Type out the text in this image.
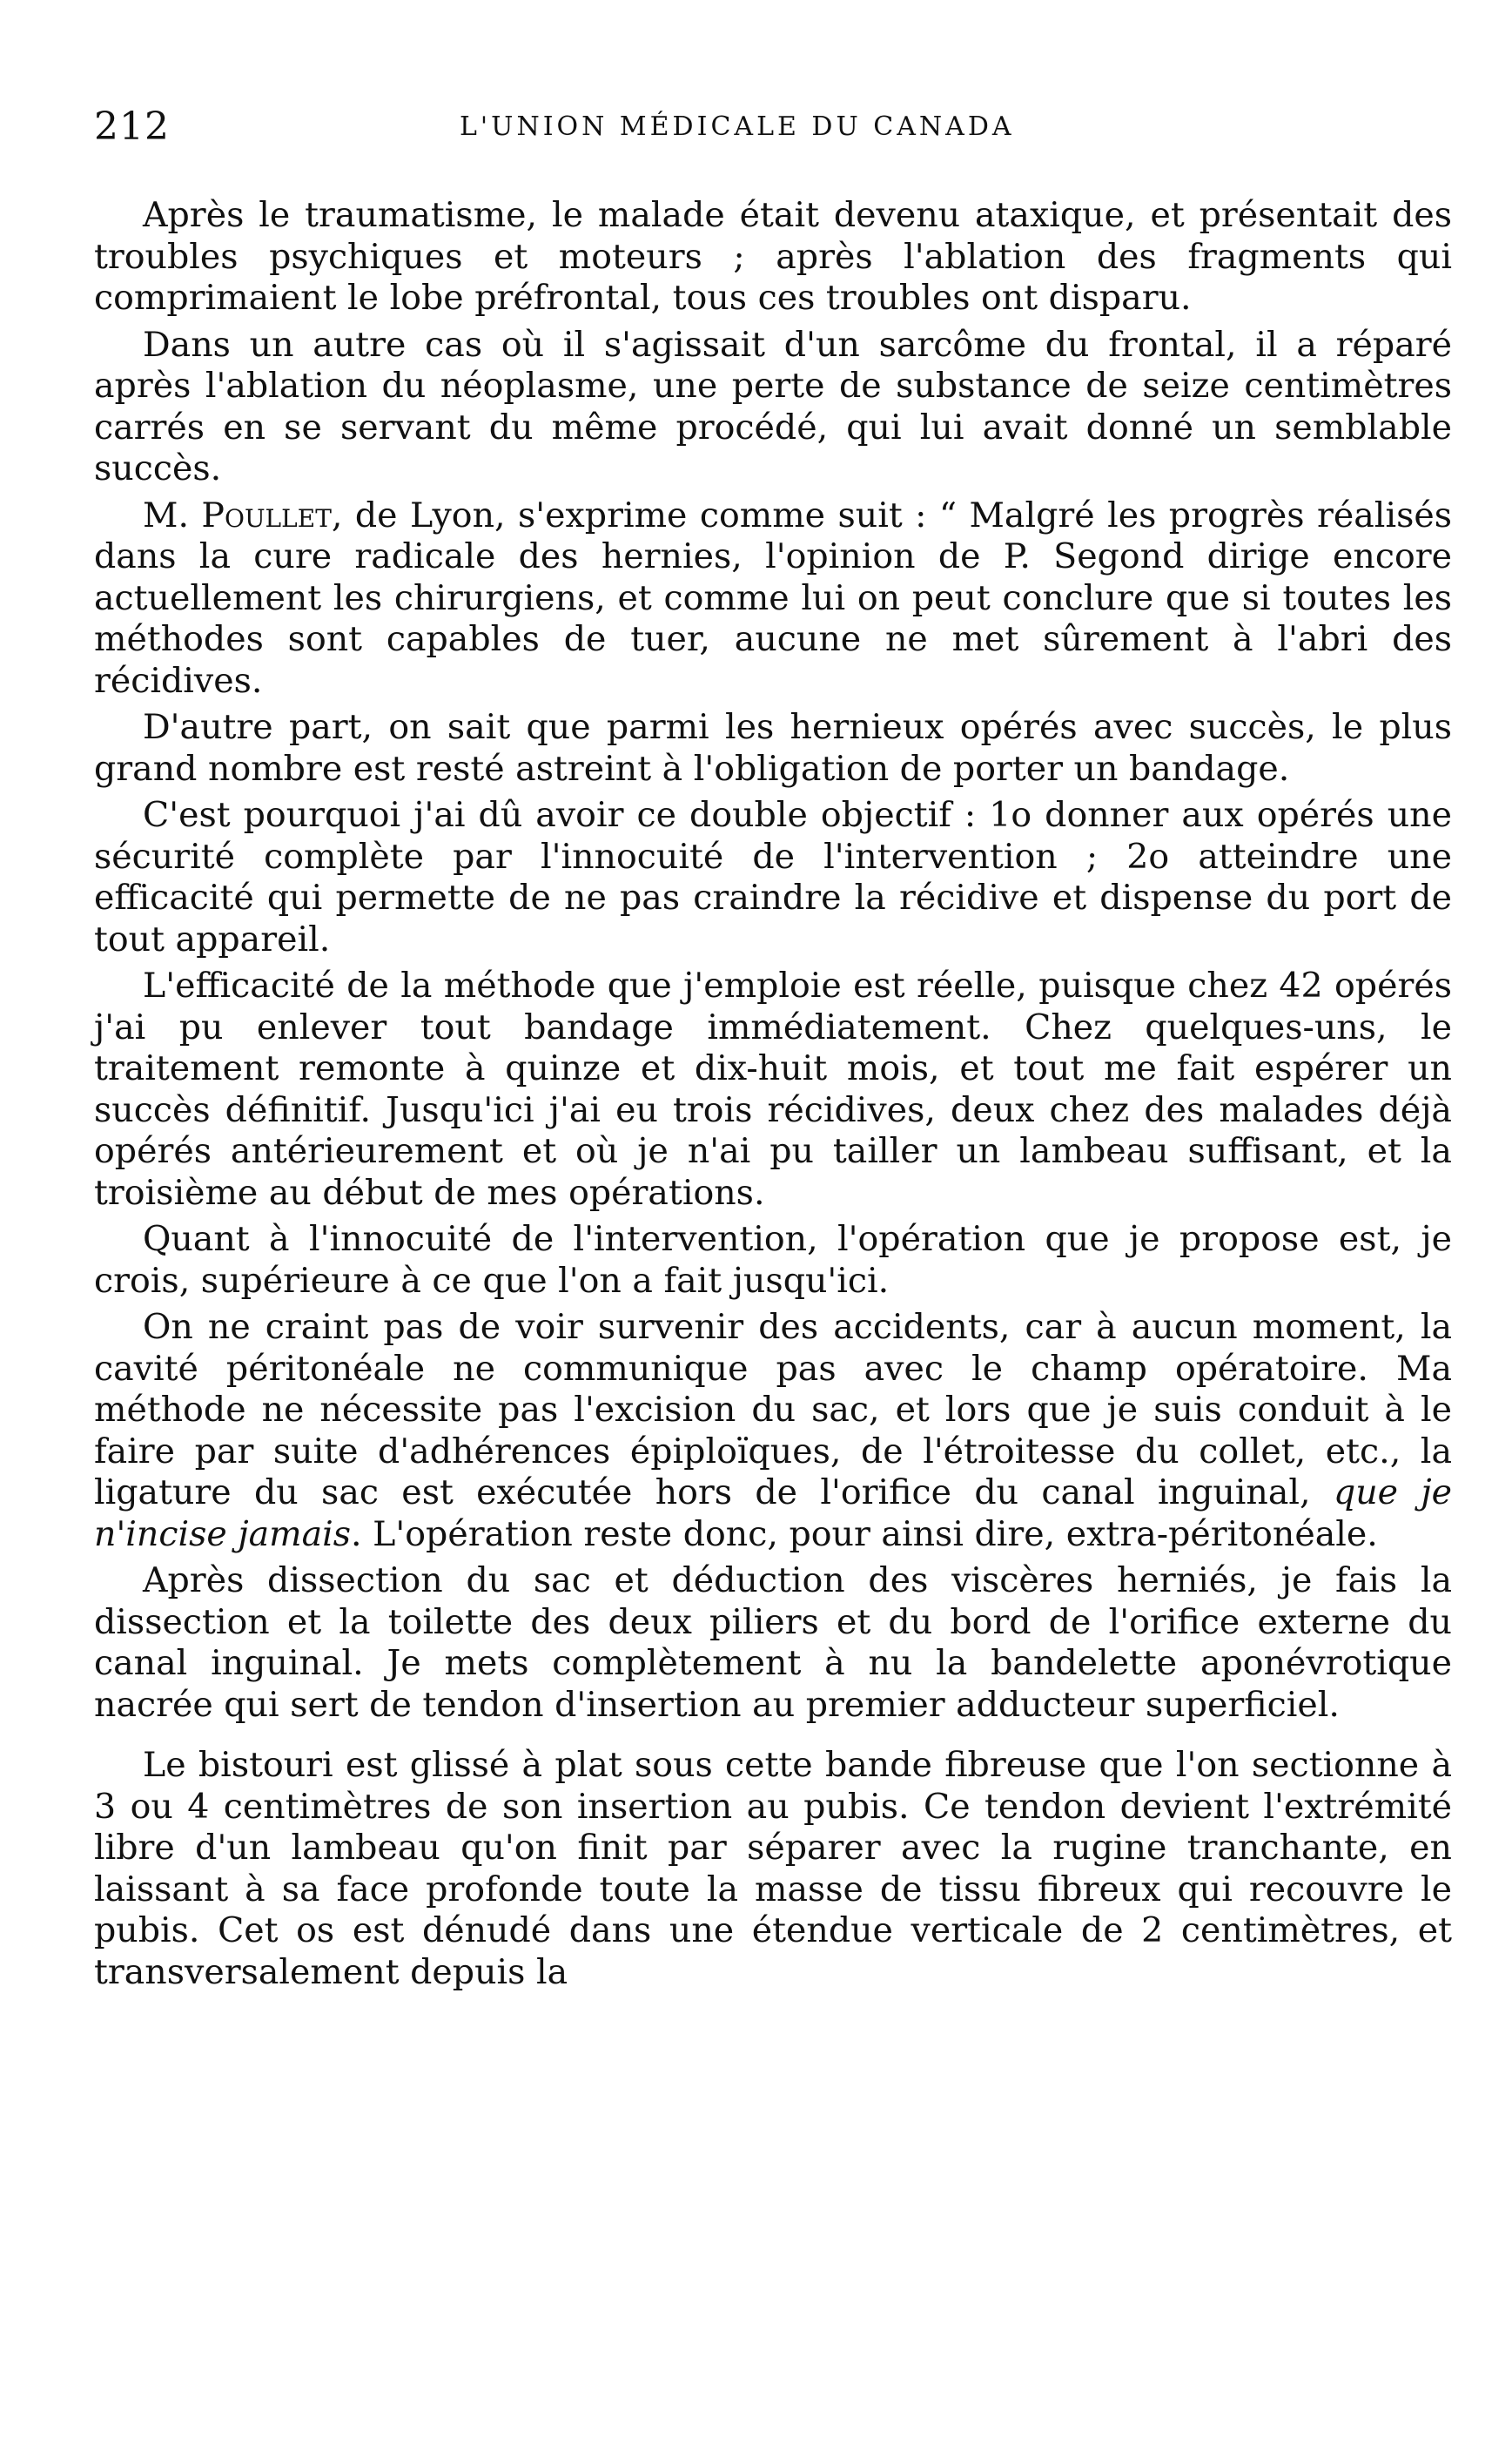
212	L'UNION MÉDICALE DU CANADA

Après le traumatisme, le malade était devenu ataxique, et présentait des troubles psychiques et moteurs ; après l'ablation des fragments qui comprimaient le lobe préfrontal, tous ces troubles ont disparu.

Dans un autre cas où il s'agissait d'un sarcôme du frontal, il a réparé après l'ablation du néoplasme, une perte de substance de seize centimètres carrés en se servant du même procédé, qui lui avait donné un semblable succès.

M. Poullet, de Lyon, s'exprime comme suit : “ Malgré les progrès réalisés dans la cure radicale des hernies, l'opinion de P. Segond dirige encore actuellement les chirurgiens, et comme lui on peut conclure que si toutes les méthodes sont capables de tuer, aucune ne met sûrement à l'abri des récidives.

D'autre part, on sait que parmi les hernieux opérés avec succès, le plus grand nombre est resté astreint à l'obligation de porter un bandage.

C'est pourquoi j'ai dû avoir ce double objectif : 1o donner aux opérés une sécurité complète par l'innocuité de l'intervention ; 2o atteindre une efficacité qui permette de ne pas craindre la récidive et dispense du port de tout appareil.

L'efficacité de la méthode que j'emploie est réelle, puisque chez 42 opérés j'ai pu enlever tout bandage immédiatement. Chez quelques-uns, le traitement remonte à quinze et dix-huit mois, et tout me fait espérer un succès définitif. Jusqu'ici j'ai eu trois récidives, deux chez des malades déjà opérés antérieurement et où je n'ai pu tailler un lambeau suffisant, et la troisième au début de mes opérations.

Quant à l'innocuité de l'intervention, l'opération que je propose est, je crois, supérieure à ce que l'on a fait jusqu'ici.

On ne craint pas de voir survenir des accidents, car à aucun moment, la cavité péritonéale ne communique pas avec le champ opératoire. Ma méthode ne nécessite pas l'excision du sac, et lors que je suis conduit à le faire par suite d'adhérences épiploïques, de l'étroitesse du collet, etc., la ligature du sac est exécutée hors de l'orifice du canal inguinal, que je n'incise jamais. L'opération reste donc, pour ainsi dire, extra-péritonéale.

Après dissection du sac et déduction des viscères herniés, je fais la dissection et la toilette des deux piliers et du bord de l'orifice externe du canal inguinal. Je mets complètement à nu la bandelette aponévrotique nacrée qui sert de tendon d'insertion au premier adducteur superficiel.

Le bistouri est glissé à plat sous cette bande fibreuse que l'on sectionne à 3 ou 4 centimètres de son insertion au pubis. Ce tendon devient l'extrémité libre d'un lambeau qu'on finit par séparer avec la rugine tranchante, en laissant à sa face profonde toute la masse de tissu fibreux qui recouvre le pubis. Cet os est dénudé dans une étendue verticale de 2 centimètres, et transversalement depuis la
